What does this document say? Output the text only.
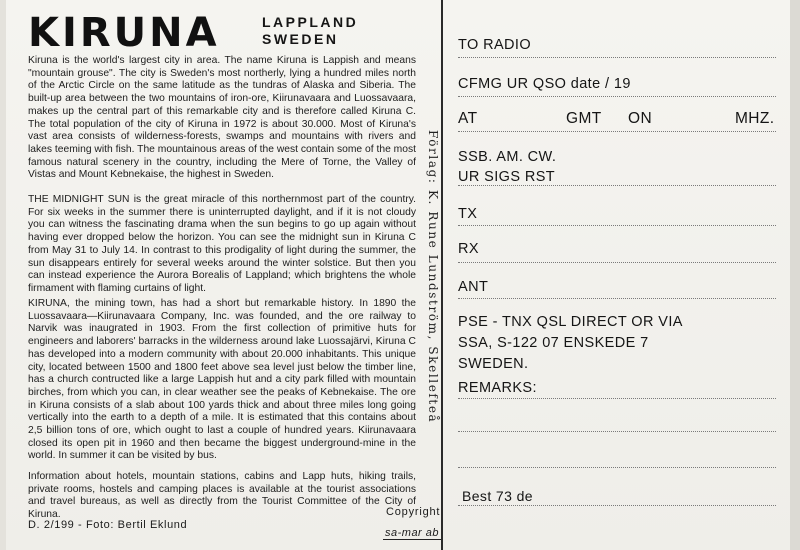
KIRUNA	LAPPLAND
SWEDEN

Kiruna is the world's largest city in area. The name Kiruna is Lappish and means "mountain grouse". The city is Sweden's most northerly, lying a hundred miles north of the Arctic Circle on the same latitude as the tundras of Alaska and Siberia. The built-up area between the two mountains of iron-ore, Kiirunavaara and Luossavaara, makes up the central part of this remarkable city and is therefore called Kiruna C. The total population of the city of Kiruna in 1972 is about 30.000. Most of Kiruna's vast area consists of wilderness-forests, swamps and mountains with rivers and lakes teeming with fish. The mountainous areas of the west contain some of the most famous natural scenery in the country, including the Mere of Torne, the Valley of Vistas and Mount Kebnekaise, the highest in Sweden.

THE MIDNIGHT SUN is the great miracle of this northernmost part of the country. For six weeks in the summer there is uninterrupted daylight, and if it is not cloudy you can witness the fascinating drama when the sun begins to go up again without having ever dropped below the horizon. You can see the midnight sun in Kiruna C from May 31 to July 14. In contrast to this prodigality of light during the summer, the sun disappears entirely for several weeks around the winter solstice. But then you can instead experience the Aurora Borealis of Lappland; which brightens the whole firmament with flaming curtains of light.

KIRUNA, the mining town, has had a short but remarkable history. In 1890 the Luossavaara—Kiirunavaara Company, Inc. was founded, and the ore railway to Narvik was inaugrated in 1903. From the first collection of primitive huts for engineers and laborers' barracks in the wilderness around lake Luossajärvi, Kiruna C has developed into a modern community with about 20.000 inhabitants. This unique city, located between 1500 and 1800 feet above sea level just below the timber line, has a church contructed like a large Lappish hut and a city park filled with mountain birches, from which you can, in clear weather see the peaks of Kebnekaise. The ore in Kiruna consists of a slab about 100 yards thick and about three miles long going vertically into the earth to a depth of a mile. It is estimated that this contains about 2,5 billion tons of ore, which ought to last a couple of hundred years. Kiirunavaara closed its open pit in 1960 and then became the biggest underground-mine in the world. In summer it can be visited by bus.

Information about hotels, mountain stations, cabins and Lapp huts, hiking trails, private rooms, hostels and camping places is available at the tourist associations and travel bureaus, as well as directly from the Tourist Committee of the City of Kiruna.

D. 2/199 - Foto: Bertil Eklund
Copyright
sa-mar ab
Förlag: K. Rune Lundström, Skellefteå
TO RADIO
CFMG UR QSO date / 19
AT	GMT ON	MHZ.
SSB. AM. CW.
UR SIGS RST
TX
RX
ANT
PSE - TNX QSL DIRECT OR VIA
SSA, S-122 07 ENSKEDE 7
SWEDEN.
REMARKS:
Best 73 de
